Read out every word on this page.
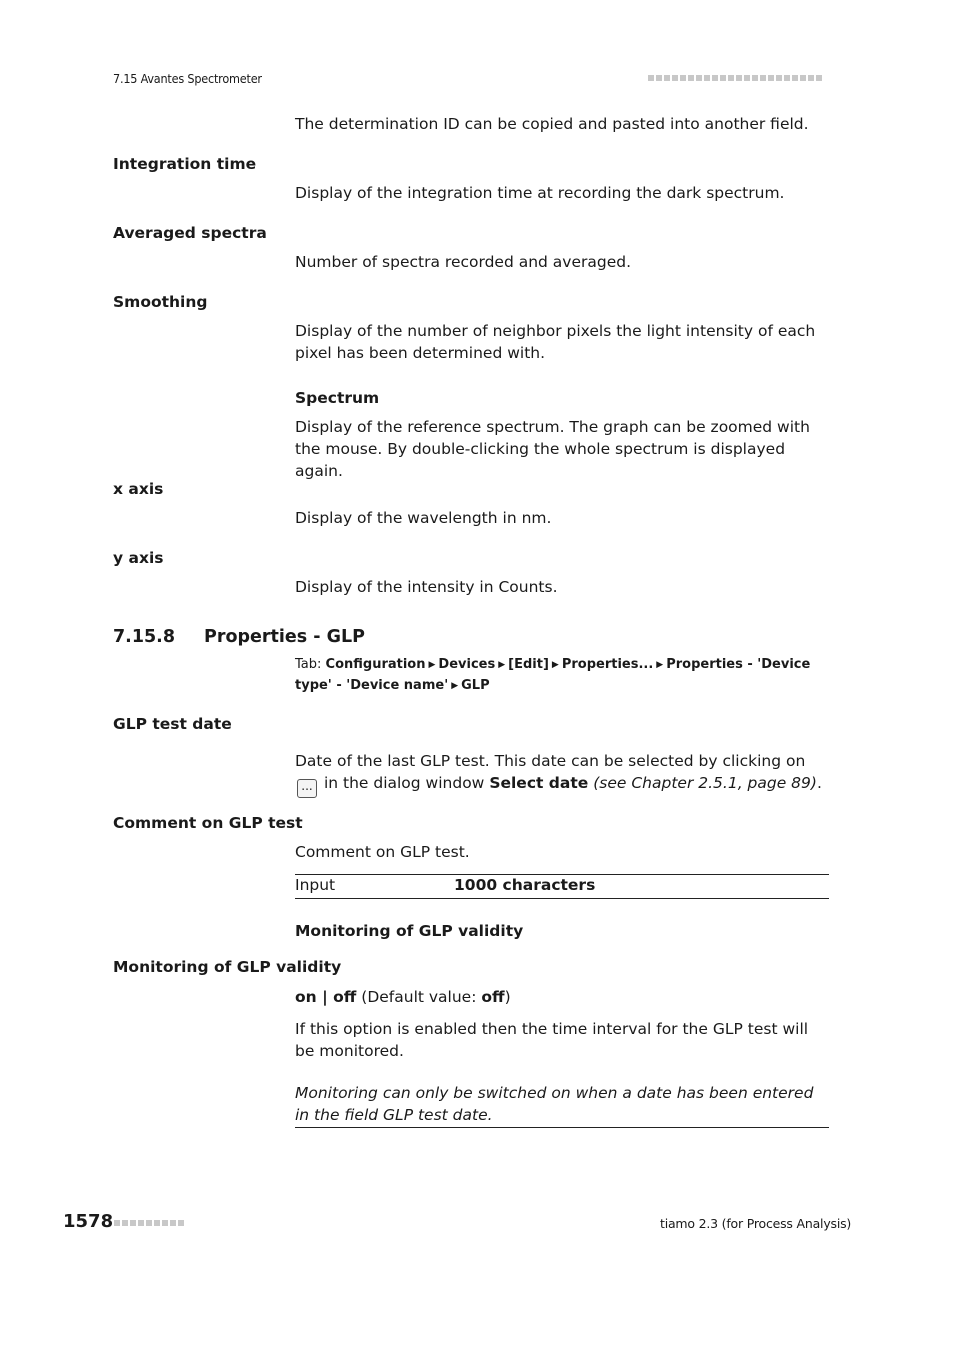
7.15 Avantes Spectrometer
The determination ID can be copied and pasted into another field.
Integration time
Display of the integration time at recording the dark spectrum.
Averaged spectra
Number of spectra recorded and averaged.
Smoothing
Display of the number of neighbor pixels the light intensity of each pixel has been determined with.
Spectrum
Display of the reference spectrum. The graph can be zoomed with the mouse. By double-clicking the whole spectrum is displayed again.
x axis
Display of the wavelength in nm.
y axis
Display of the intensity in Counts.
7.15.8 Properties - GLP
Tab: Configuration ▶ Devices ▶ [Edit] ▶ Properties... ▶ Properties - 'Device type' - 'Device name' ▶ GLP
GLP test date
Date of the last GLP test. This date can be selected by clicking on ... in the dialog window Select date (see Chapter 2.5.1, page 89).
Comment on GLP test
Comment on GLP test.
Input	1000 characters
Monitoring of GLP validity
Monitoring of GLP validity
on | off (Default value: off)
If this option is enabled then the time interval for the GLP test will be monitored.
Monitoring can only be switched on when a date has been entered in the field GLP test date.
1578	tiamo 2.3 (for Process Analysis)
